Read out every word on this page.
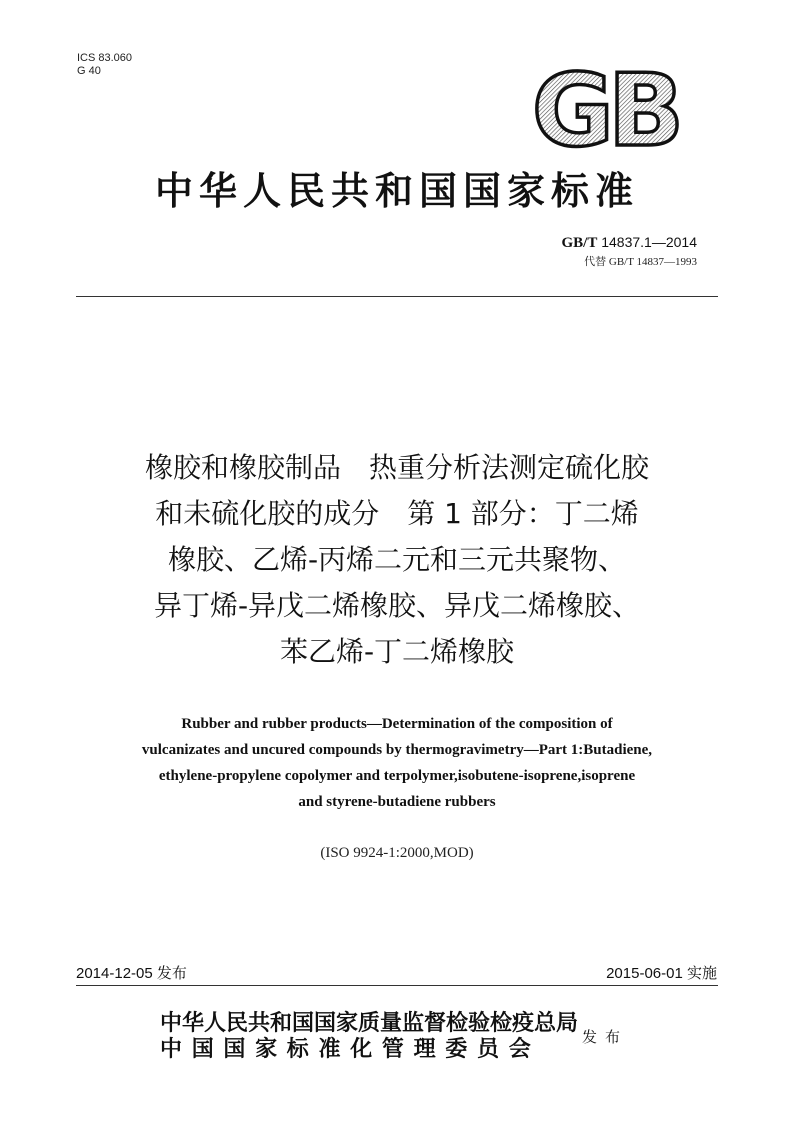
ICS 83.060
G 40	GB
中华人民共和国国家标准
GB/T 14837.1—2014
代替 GB/T 14837—1993
橡胶和橡胶制品　热重分析法测定硫化胶
和未硫化胶的成分　第 1 部分：丁二烯
橡胶、乙烯-丙烯二元和三元共聚物、
异丁烯-异戊二烯橡胶、异戊二烯橡胶、
苯乙烯-丁二烯橡胶
Rubber and rubber products—Determination of the composition of
vulcanizates and uncured compounds by thermogravimetry—Part 1:Butadiene,
ethylene-propylene copolymer and terpolymer,isobutene-isoprene,isoprene
and styrene-butadiene rubbers
(ISO 9924-1:2000,MOD)
2014-12-05 发布	2015-06-01 实施
中华人民共和国国家质量监督检验检疫总局
中国国家标准化管理委员会	发布
